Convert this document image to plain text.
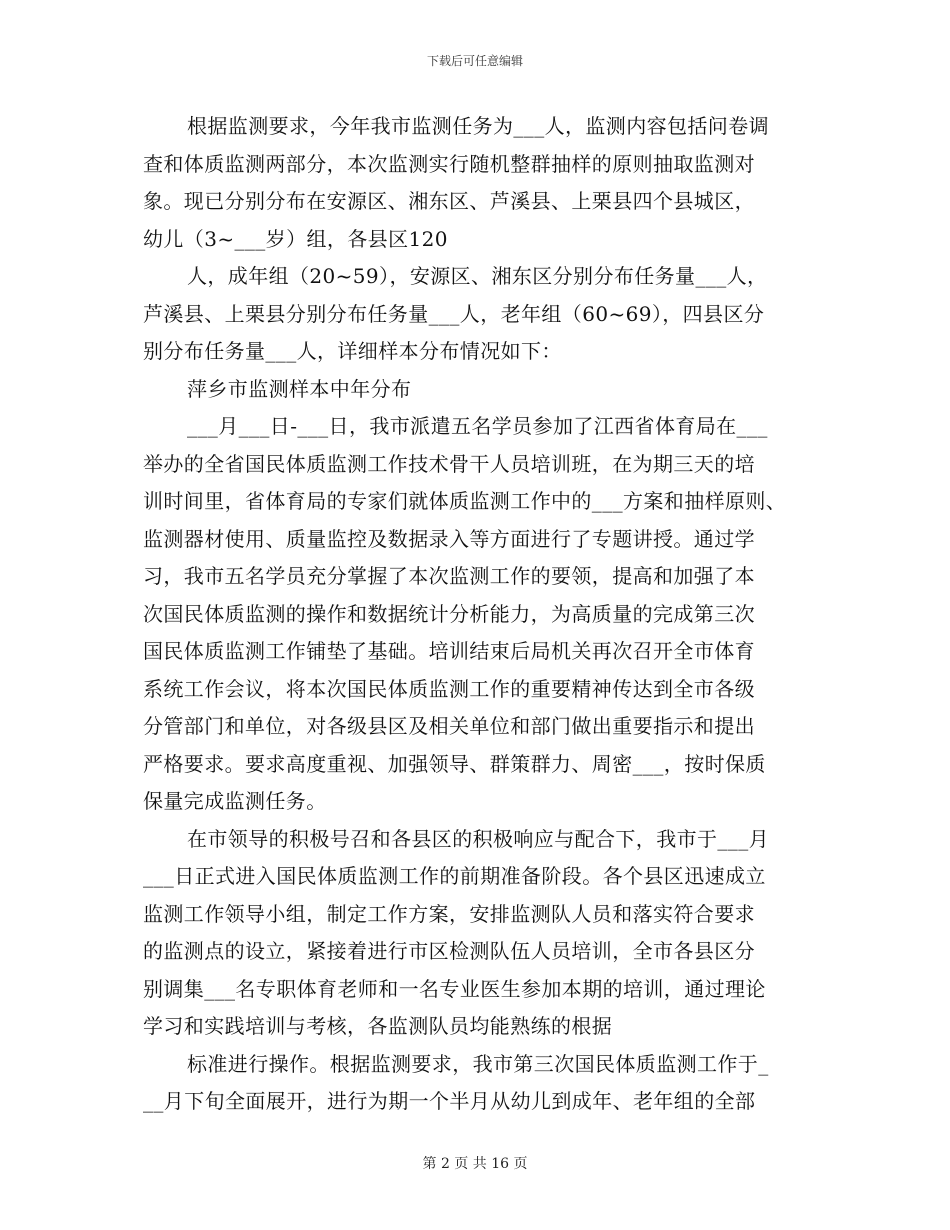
下载后可任意编辑
根据监测要求，今年我市监测任务为___人，监测内容包括问卷调
查和体质监测两部分，本次监测实行随机整群抽样的原则抽取监测对
象。现已分别分布在安源区、湘东区、芦溪县、上栗县四个县城区，
幼儿（3~___岁）组，各县区120
人，成年组（20~59），安源区、湘东区分别分布任务量___人，
芦溪县、上栗县分别分布任务量___人，老年组（60~69），四县区分
别分布任务量___人，详细样本分布情况如下：
萍乡市监测样本中年分布
___月___日-___日，我市派遣五名学员参加了江西省体育局在___
举办的全省国民体质监测工作技术骨干人员培训班，在为期三天的培
训时间里，省体育局的专家们就体质监测工作中的___方案和抽样原则、
监测器材使用、质量监控及数据录入等方面进行了专题讲授。通过学
习，我市五名学员充分掌握了本次监测工作的要领，提高和加强了本
次国民体质监测的操作和数据统计分析能力，为高质量的完成第三次
国民体质监测工作铺垫了基础。培训结束后局机关再次召开全市体育
系统工作会议，将本次国民体质监测工作的重要精神传达到全市各级
分管部门和单位，对各级县区及相关单位和部门做出重要指示和提出
严格要求。要求高度重视、加强领导、群策群力、周密___，按时保质
保量完成监测任务。
在市领导的积极号召和各县区的积极响应与配合下，我市于___月
___日正式进入国民体质监测工作的前期准备阶段。各个县区迅速成立
监测工作领导小组，制定工作方案，安排监测队人员和落实符合要求
的监测点的设立，紧接着进行市区检测队伍人员培训，全市各县区分
别调集___名专职体育老师和一名专业医生参加本期的培训，通过理论
学习和实践培训与考核，各监测队员均能熟练的根据
标准进行操作。根据监测要求，我市第三次国民体质监测工作于_
__月下旬全面展开，进行为期一个半月从幼儿到成年、老年组的全部
第 2 页 共 16 页
